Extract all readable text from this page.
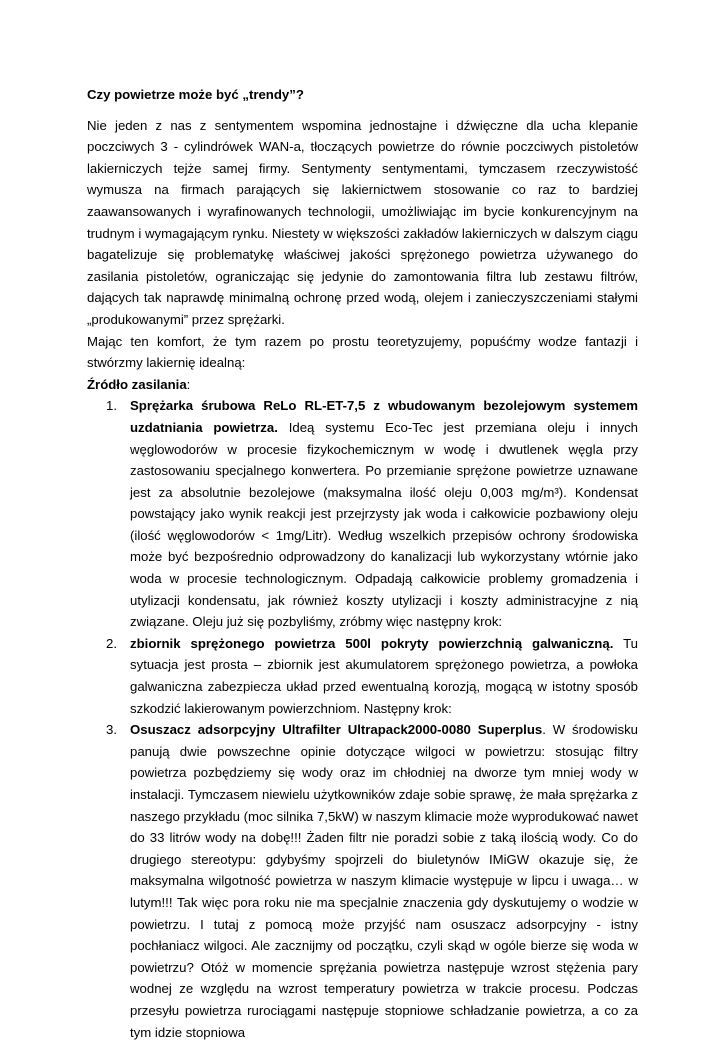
Czy powietrze może być „trendy”?

Nie jeden z nas z sentymentem wspomina jednostajne i dźwięczne dla ucha klepanie poczciwych 3 - cylindrówek WAN-a, tłoczących powietrze do równie poczciwych pistoletów lakierniczych tejże samej firmy. Sentymenty sentymentami, tymczasem rzeczywistość wymusza na firmach parających się lakiernictwem stosowanie co raz to bardziej zaawansowanych i wyrafinowanych technologii, umożliwiając im bycie konkurencyjnym na trudnym i wymagającym rynku. Niestety w większości zakładów lakierniczych w dalszym ciągu bagatelizuje się problematykę właściwej jakości sprężonego powietrza używanego do zasilania pistoletów, ograniczając się jedynie do zamontowania filtra lub zestawu filtrów, dających tak naprawdę minimalną ochronę przed wodą, olejem i zanieczyszczeniami stałymi „produkowanymi” przez sprężarki.

Mając ten komfort, że tym razem po prostu teoretyzujemy, popuśćmy wodze fantazji i stwórzmy lakiernię idealną:

Źródło zasilania:
1. Sprężarka śrubowa ReLo RL-ET-7,5 z wbudowanym bezolejowym systemem uzdatniania powietrza. Ideą systemu Eco-Tec jest przemiana oleju i innych węglowodorów w procesie fizykochemicznym w wodę i dwutlenek węgla przy zastosowaniu specjalnego konwertera. Po przemianie sprężone powietrze uznawane jest za absolutnie bezolejowe (maksymalna ilość oleju 0,003 mg/m³). Kondensat powstający jako wynik reakcji jest przejrzysty jak woda i całkowicie pozbawiony oleju (ilość węglowodorów < 1mg/Litr). Według wszelkich przepisów ochrony środowiska może być bezpośrednio odprowadzony do kanalizacji lub wykorzystany wtórnie jako woda w procesie technologicznym. Odpadają całkowicie problemy gromadzenia i utylizacji kondensatu, jak również koszty utylizacji i koszty administracyjne z nią związane. Oleju już się pozbyliśmy, zróbmy więc następny krok:
2. zbiornik sprężonego powietrza 500l pokryty powierzchnią galwaniczną. Tu sytuacja jest prosta – zbiornik jest akumulatorem sprężonego powietrza, a powłoka galwaniczna zabezpiecza układ przed ewentualną korozją, mogącą w istotny sposób szkodzić lakierowanym powierzchniom. Następny krok:
3. Osuszacz adsorpcyjny Ultrafilter Ultrapack2000-0080 Superplus. W środowisku panują dwie powszechne opinie dotyczące wilgoci w powietrzu: stosując filtry powietrza pozbędziemy się wody oraz im chłodniej na dworze tym mniej wody w instalacji. Tymczasem niewielu użytkowników zdaje sobie sprawę, że mała sprężarka z naszego przykładu (moc silnika 7,5kW) w naszym klimacie może wyprodukować nawet do 33 litrów wody na dobę!!! Żaden filtr nie poradzi sobie z taką ilością wody. Co do drugiego stereotypu: gdybyśmy spojrzeli do biuletynów IMiGW okazuje się, że maksymalna wilgotność powietrza w naszym klimacie występuje w lipcu i uwaga… w lutym!!! Tak więc pora roku nie ma specjalnie znaczenia gdy dyskutujemy o wodzie w powietrzu. I tutaj z pomocą może przyjść nam osuszacz adsorpcyjny - istny pochłaniacz wilgoci. Ale zacznijmy od początku, czyli skąd w ogóle bierze się woda w powietrzu? Otóż w momencie sprężania powietrza następuje wzrost stężenia pary wodnej ze względu na wzrost temperatury powietrza w trakcie procesu. Podczas przesyłu powietrza rurociągami następuje stopniowe schładzanie powietrza, a co za tym idzie stopniowa
